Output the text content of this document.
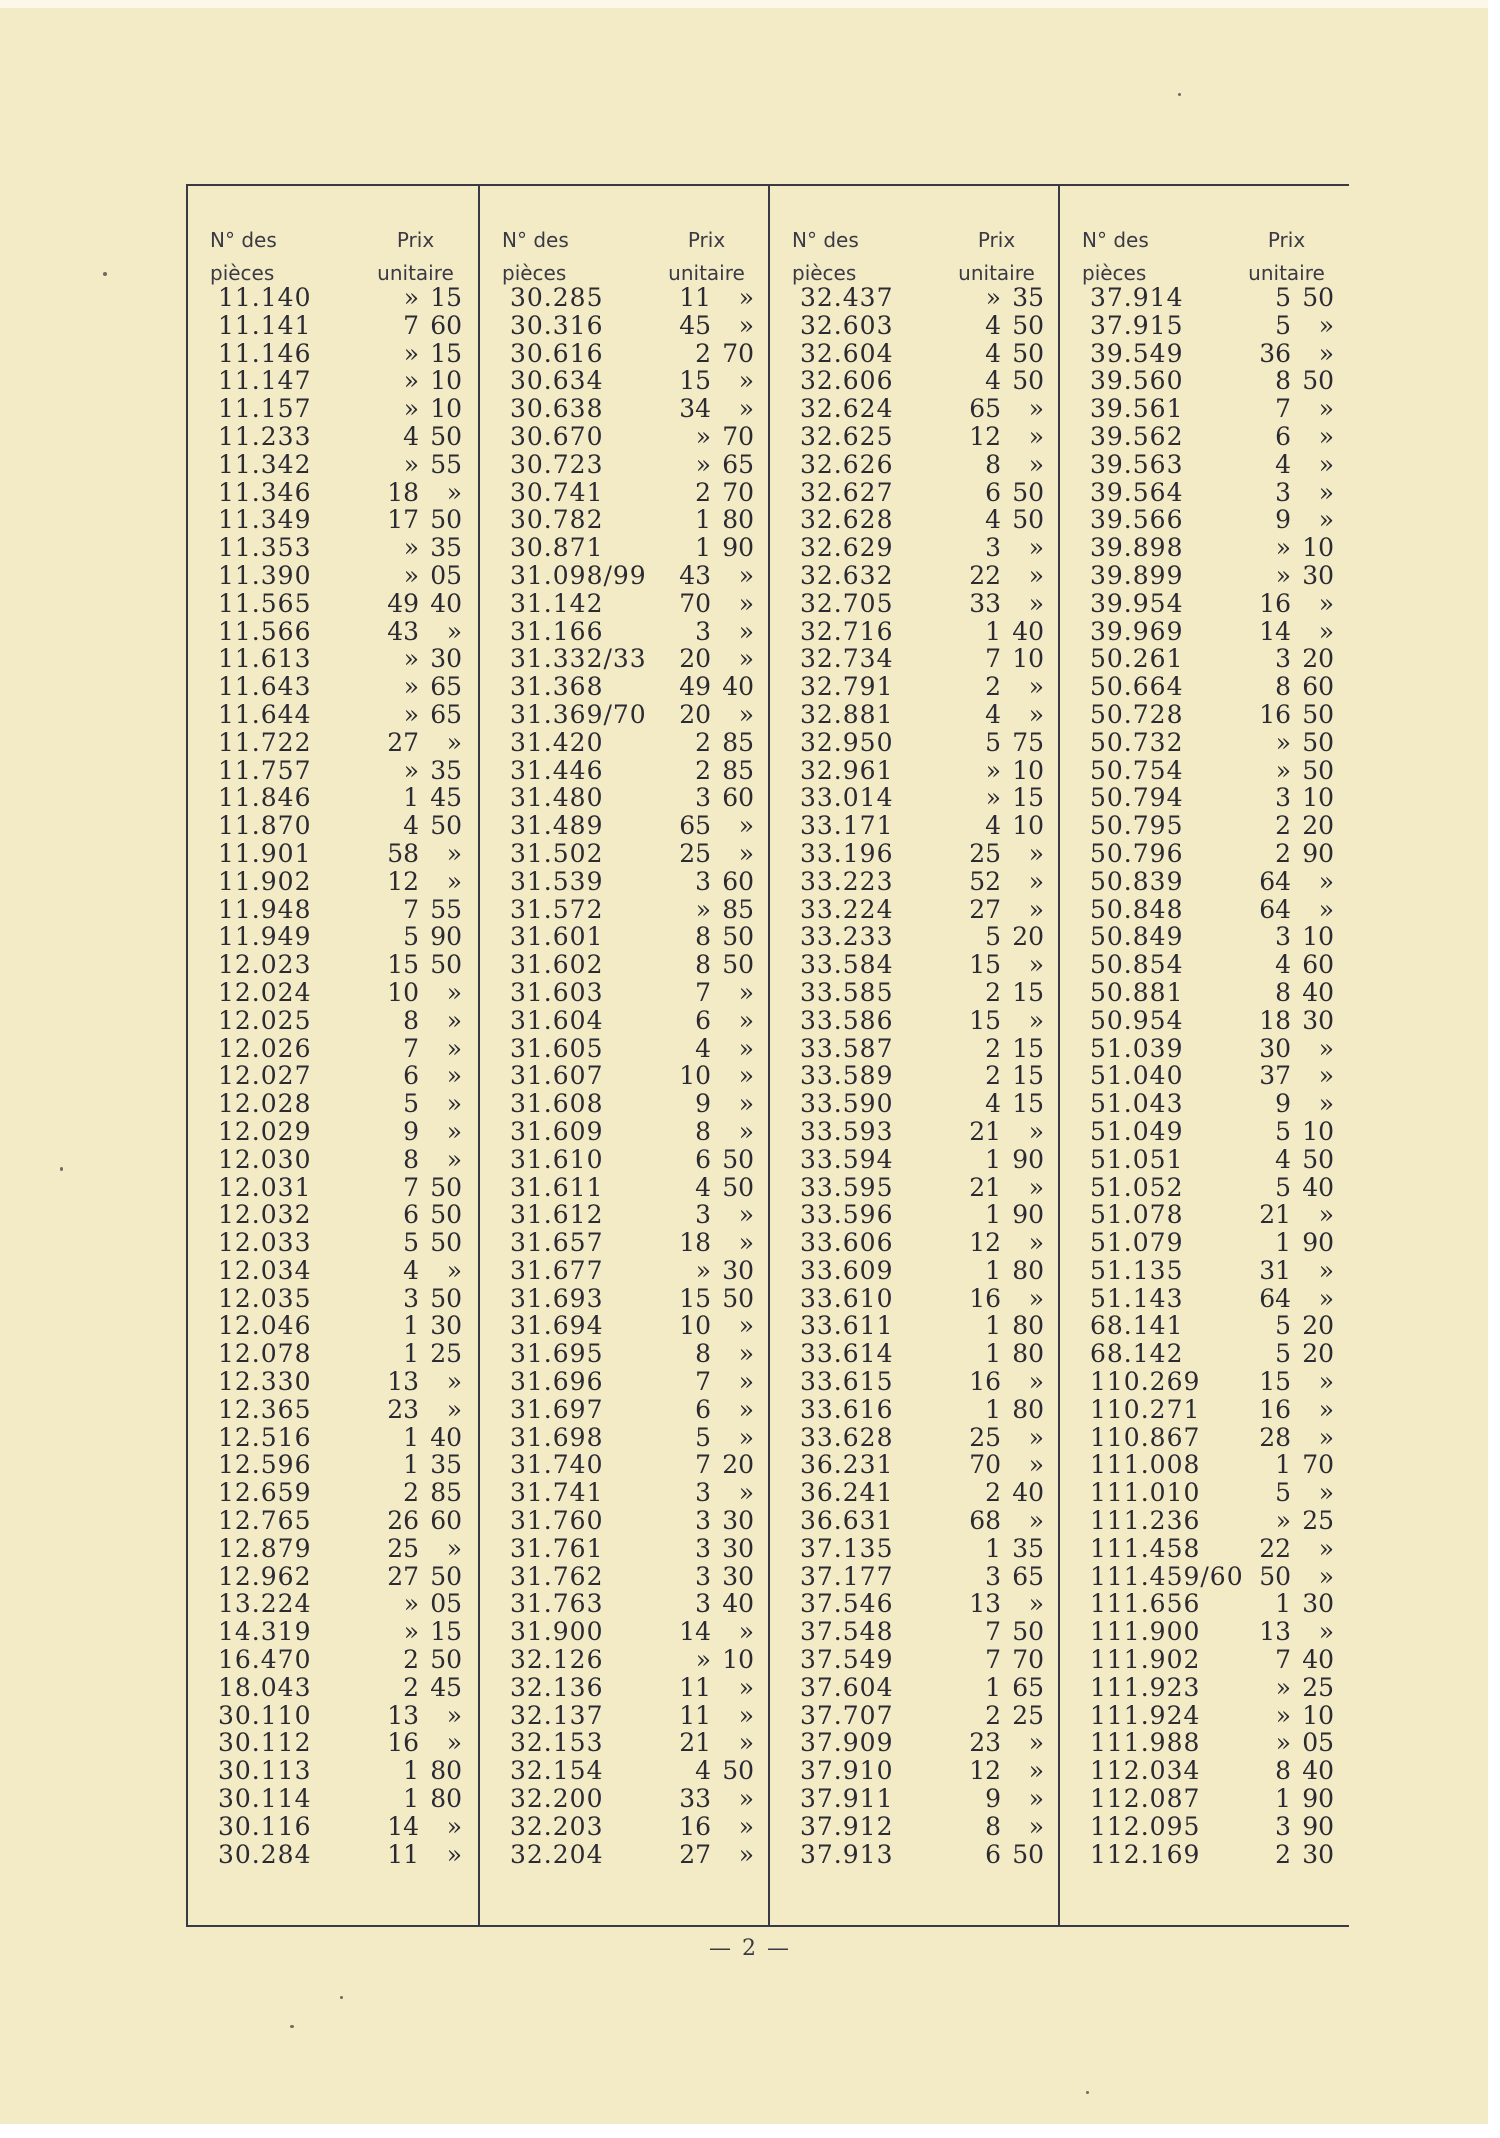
N° des
pièces
Prix
unitaire
11.140	» 15
11.141	7 60
11.146	» 15
11.147	» 10
11.157	» 10
11.233	4 50
11.342	» 55
11.346	18	»
11.349	17 50
11.353	» 35
11.390	» 05
11.565	49 40
11.566	43	»
11.613	» 30
11.643	» 65
11.644	» 65
11.722	27	»
11.757	» 35
11.846	1 45
11.870	4 50
11.901	58	»
11.902	12	»
11.948	7 55
11.949	5 90
12.023	15 50
12.024	10	»
12.025	8	»
12.026	7	»
12.027	6	»
12.028	5	»
12.029	9	»
12.030	8	»
12.031	7 50
12.032	6 50
12.033	5 50
12.034	4	»
12.035	3 50
12.046	1 30
12.078	1 25
12.330	13	»
12.365	23	»
12.516	1 40
12.596	1 35
12.659	2 85
12.765	26 60
12.879	25	»
12.962	27 50
13.224	» 05
14.319	» 15
16.470	2 50
18.043	2 45
30.110	13	»
30.112	16	»
30.113	1 80
30.114	1 80
30.116	14	»
30.284	11	»
N° des
pièces
Prix
unitaire
30.285	11	»
30.316	45	»
30.616	2 70
30.634	15	»
30.638	34	»
30.670	» 70
30.723	» 65
30.741	2 70
30.782	1 80
30.871	1 90
31.098/99	43	»
31.142	70	»
31.166	3	»
31.332/33	20	»
31.368	49 40
31.369/70	20	»
31.420	2 85
31.446	2 85
31.480	3 60
31.489	65	»
31.502	25	»
31.539	3 60
31.572	» 85
31.601	8 50
31.602	8 50
31.603	7	»
31.604	6	»
31.605	4	»
31.607	10	»
31.608	9	»
31.609	8	»
31.610	6 50
31.611	4 50
31.612	3	»
31.657	18	»
31.677	» 30
31.693	15 50
31.694	10	»
31.695	8	»
31.696	7	»
31.697	6	»
31.698	5	»
31.740	7 20
31.741	3	»
31.760	3 30
31.761	3 30
31.762	3 30
31.763	3 40
31.900	14	»
32.126	» 10
32.136	11	»
32.137	11	»
32.153	21	»
32.154	4 50
32.200	33	»
32.203	16	»
32.204	27	»
N° des
pièces
Prix
unitaire
32.437	» 35
32.603	4 50
32.604	4 50
32.606	4 50
32.624	65	»
32.625	12	»
32.626	8	»
32.627	6 50
32.628	4 50
32.629	3	»
32.632	22	»
32.705	33	»
32.716	1 40
32.734	7 10
32.791	2	»
32.881	4	»
32.950	5 75
32.961	» 10
33.014	» 15
33.171	4 10
33.196	25	»
33.223	52	»
33.224	27	»
33.233	5 20
33.584	15	»
33.585	2 15
33.586	15	»
33.587	2 15
33.589	2 15
33.590	4 15
33.593	21	»
33.594	1 90
33.595	21	»
33.596	1 90
33.606	12	»
33.609	1 80
33.610	16	»
33.611	1 80
33.614	1 80
33.615	16	»
33.616	1 80
33.628	25	»
36.231	70	»
36.241	2 40
36.631	68	»
37.135	1 35
37.177	3 65
37.546	13	»
37.548	7 50
37.549	7 70
37.604	1 65
37.707	2 25
37.909	23	»
37.910	12	»
37.911	9	»
37.912	8	»
37.913	6 50
N° des
pièces
Prix
unitaire
37.914	5 50
37.915	5	»
39.549	36	»
39.560	8 50
39.561	7	»
39.562	6	»
39.563	4	»
39.564	3	»
39.566	9	»
39.898	» 10
39.899	» 30
39.954	16	»
39.969	14	»
50.261	3 20
50.664	8 60
50.728	16 50
50.732	» 50
50.754	» 50
50.794	3 10
50.795	2 20
50.796	2 90
50.839	64	»
50.848	64	»
50.849	3 10
50.854	4 60
50.881	8 40
50.954	18 30
51.039	30	»
51.040	37	»
51.043	9	»
51.049	5 10
51.051	4 50
51.052	5 40
51.078	21	»
51.079	1 90
51.135	31	»
51.143	64	»
68.141	5 20
68.142	5 20
110.269	15	»
110.271	16	»
110.867	28	»
111.008	1 70
111.010	5	»
111.236	» 25
111.458	22	»
111.459/60 50	»
111.656	1 30
111.900	13	»
111.902	7 40
111.923	» 25
111.924	» 10
111.988	» 05
112.034	8 40
112.087	1 90
112.095	3 90
112.169	2 30
— 2 —
